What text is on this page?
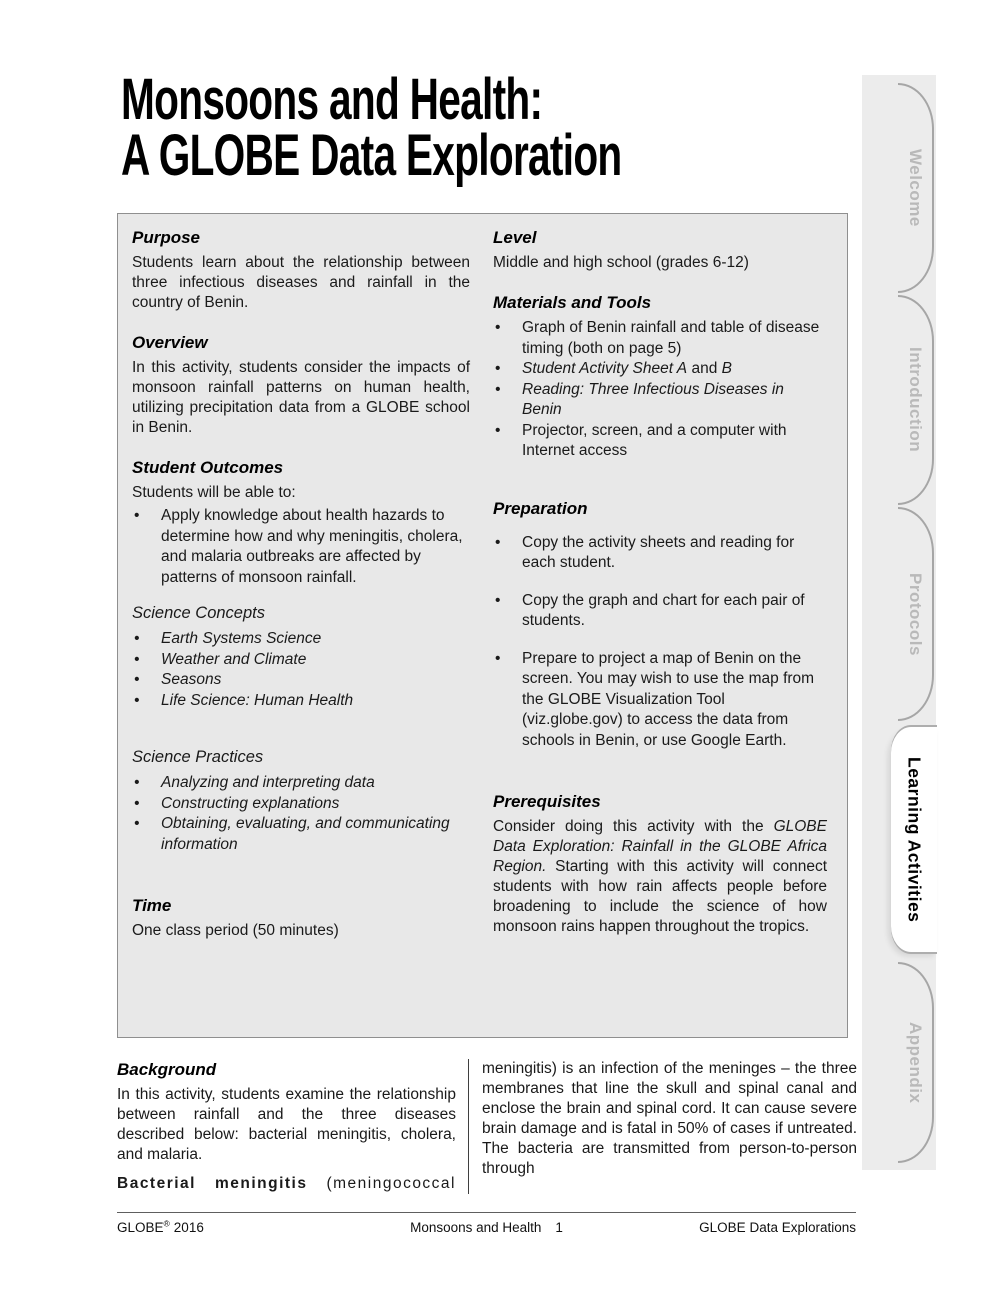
Monsoons and Health:
A GLOBE Data Exploration
Purpose

Students learn about the relationship between three infectious diseases and rainfall in the country of Benin.

Overview

In this activity, students consider the impacts of monsoon rainfall patterns on human health, utilizing precipitation data from a GLOBE school in Benin.

Student Outcomes

Students will be able to:

• Apply knowledge about health hazards to determine how and why meningitis, cholera, and malaria outbreaks are affected by patterns of monsoon rainfall.
Science Concepts
• Earth Systems Science
• Weather and Climate
• Seasons
• Life Science: Human Health
Science Practices
• Analyzing and interpreting data
• Constructing explanations
• Obtaining, evaluating, and communicating information
Time

One class period (50 minutes)

Level

Middle and high school (grades 6-12)

Materials and Tools
• Graph of Benin rainfall and table of disease timing (both on page 5)
• Student Activity Sheet A and B
• Reading: Three Infectious Diseases in Benin
• Projector, screen, and a computer with Internet access
Preparation
• Copy the activity sheets and reading for each student.
• Copy the graph and chart for each pair of students.
• Prepare to project a map of Benin on the screen. You may wish to use the map from the GLOBE Visualization Tool (viz.globe.gov) to access the data from schools in Benin, or use Google Earth.
Prerequisites

Consider doing this activity with the GLOBE Data Exploration: Rainfall in the GLOBE Africa Region. Starting with this activity will connect students with how rain affects people before broadening to include the science of how monsoon rains happen throughout the tropics.

Background

In this activity, students examine the relationship between rainfall and the three diseases described below: bacterial meningitis, cholera, and malaria.

Bacterial meningitis (meningococcal

meningitis) is an infection of the meninges – the three membranes that line the skull and spinal canal and enclose the brain and spinal cord. It can cause severe brain damage and is fatal in 50% of cases if untreated. The bacteria are transmitted from person-to-person through

GLOBE® 2016	Monsoons and Health 1	GLOBE Data Explorations
Welcome
Introduction
Protocols
Learning Activities
Appendix
